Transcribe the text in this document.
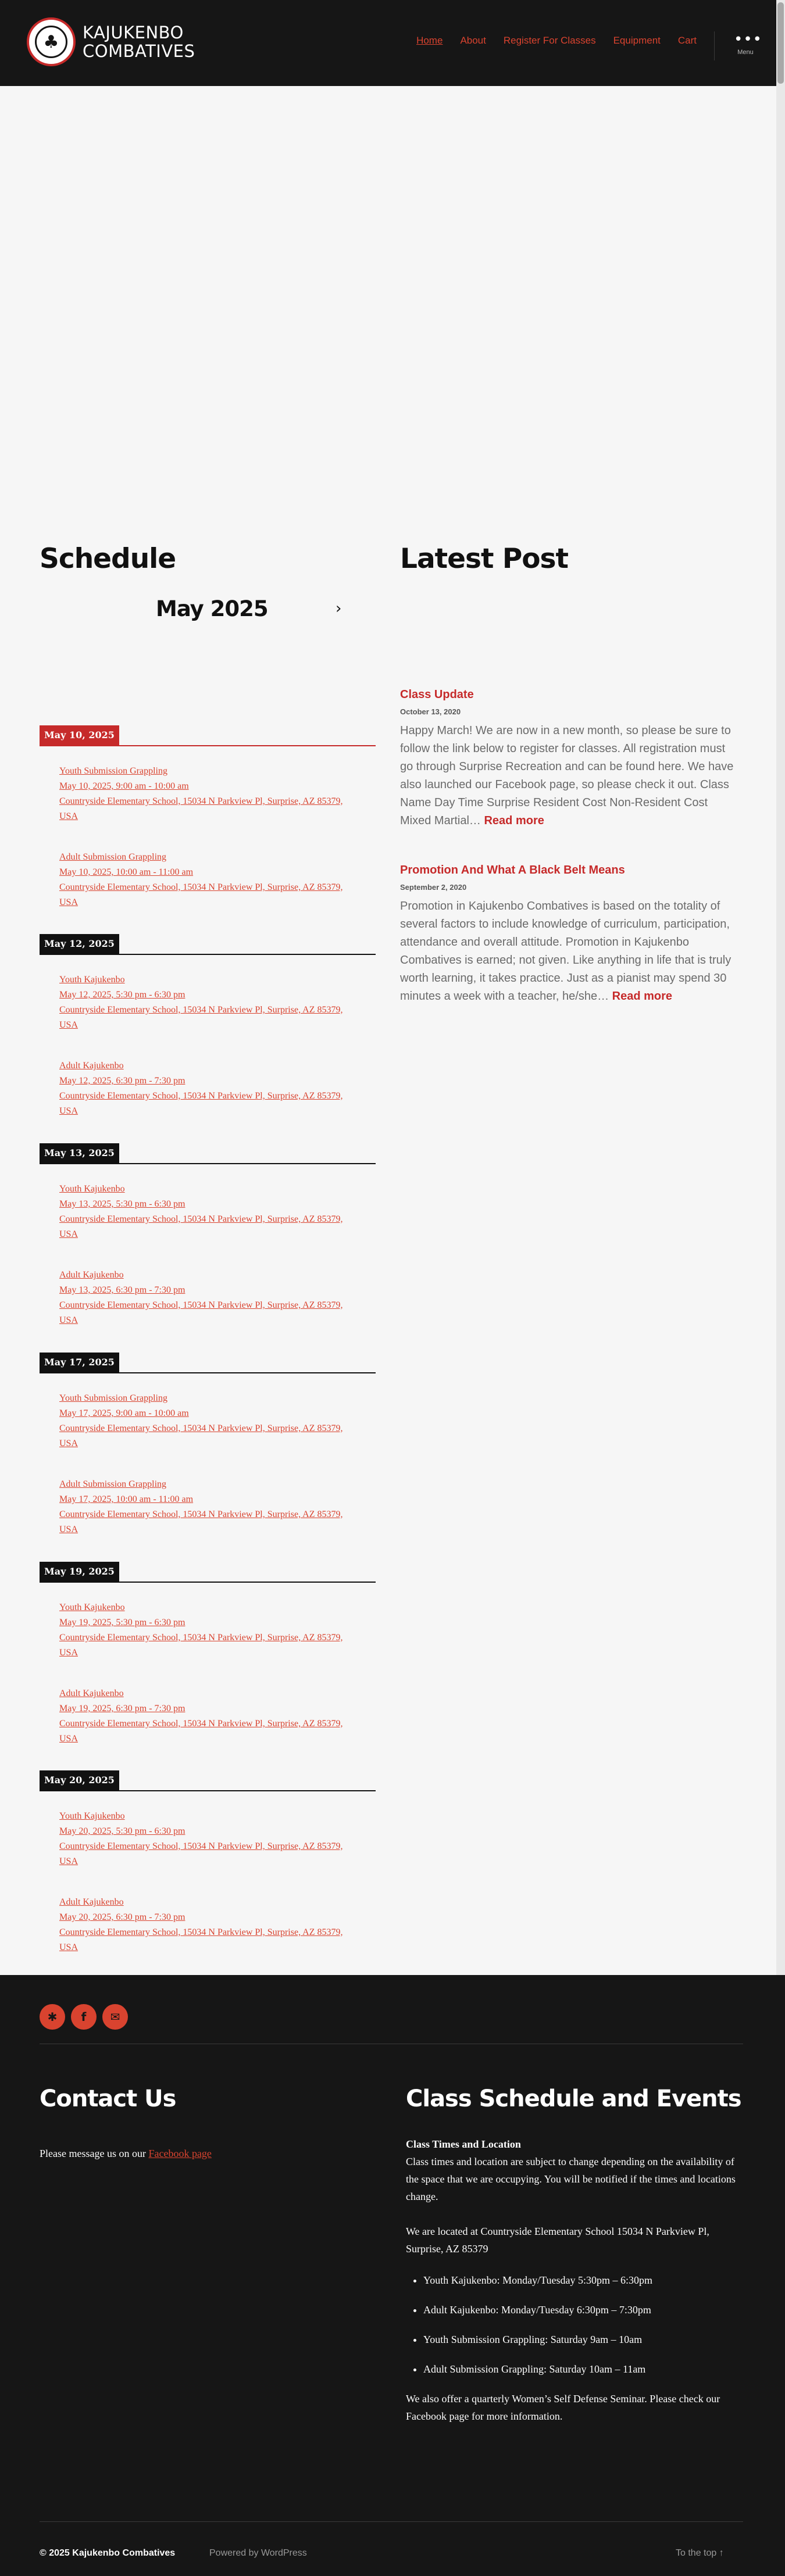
♣	KAJUKENBO
COMBATIVES
Home About Register For Classes Equipment Cart •••
Menu
Schedule
May 2025	›
May 10, 2025
Youth Submission Grappling
May 10, 2025, 9:00 am - 10:00 am
Countryside Elementary School, 15034 N Parkview Pl, Surprise, AZ 85379, USA
Adult Submission Grappling
May 10, 2025, 10:00 am - 11:00 am
Countryside Elementary School, 15034 N Parkview Pl, Surprise, AZ 85379, USA
May 12, 2025
Youth Kajukenbo
May 12, 2025, 5:30 pm - 6:30 pm
Countryside Elementary School, 15034 N Parkview Pl, Surprise, AZ 85379, USA
Adult Kajukenbo
May 12, 2025, 6:30 pm - 7:30 pm
Countryside Elementary School, 15034 N Parkview Pl, Surprise, AZ 85379, USA
May 13, 2025
Youth Kajukenbo
May 13, 2025, 5:30 pm - 6:30 pm
Countryside Elementary School, 15034 N Parkview Pl, Surprise, AZ 85379, USA
Adult Kajukenbo
May 13, 2025, 6:30 pm - 7:30 pm
Countryside Elementary School, 15034 N Parkview Pl, Surprise, AZ 85379, USA
May 17, 2025
Youth Submission Grappling
May 17, 2025, 9:00 am - 10:00 am
Countryside Elementary School, 15034 N Parkview Pl, Surprise, AZ 85379, USA
Adult Submission Grappling
May 17, 2025, 10:00 am - 11:00 am
Countryside Elementary School, 15034 N Parkview Pl, Surprise, AZ 85379, USA
May 19, 2025
Youth Kajukenbo
May 19, 2025, 5:30 pm - 6:30 pm
Countryside Elementary School, 15034 N Parkview Pl, Surprise, AZ 85379, USA
Adult Kajukenbo
May 19, 2025, 6:30 pm - 7:30 pm
Countryside Elementary School, 15034 N Parkview Pl, Surprise, AZ 85379, USA
May 20, 2025
Youth Kajukenbo
May 20, 2025, 5:30 pm - 6:30 pm
Countryside Elementary School, 15034 N Parkview Pl, Surprise, AZ 85379, USA
Adult Kajukenbo
May 20, 2025, 6:30 pm - 7:30 pm
Countryside Elementary School, 15034 N Parkview Pl, Surprise, AZ 85379, USA
Latest Post
Class Update
October 13, 2020
Happy March! We are now in a new month, so please be sure to follow the link below to register for classes. All registration must go through Surprise Recreation and can be found here. We have also launched our Facebook page, so please check it out. Class Name Day Time Surprise Resident Cost Non-Resident Cost Mixed Martial… Read more
Promotion And What A Black Belt Means
September 2, 2020
Promotion in Kajukenbo Combatives is based on the totality of several factors to include knowledge of curriculum, participation, attendance and overall attitude. Promotion in Kajukenbo Combatives is earned; not given. Like anything in life that is truly worth learning, it takes practice. Just as a pianist may spend 30 minutes a week with a teacher, he/she… Read more
✱	f	✉
Contact Us

Please message us on our Facebook page

Class Schedule and Events
Class Times and Location

Class times and location are subject to change depending on the availability of the space that we are occupying. You will be notified if the times and locations change.

We are located at Countryside Elementary School 15034 N Parkview Pl, Surprise, AZ 85379

• Youth Kajukenbo: Monday/Tuesday 5:30pm – 6:30pm
• Adult Kajukenbo: Monday/Tuesday 6:30pm – 7:30pm
• Youth Submission Grappling: Saturday 9am – 10am
• Adult Submission Grappling: Saturday 10am – 11am

We also offer a quarterly Women’s Self Defense Seminar. Please check our Facebook page for more information.

© 2025 Kajukenbo Combatives	Powered by WordPress	To the top ↑
